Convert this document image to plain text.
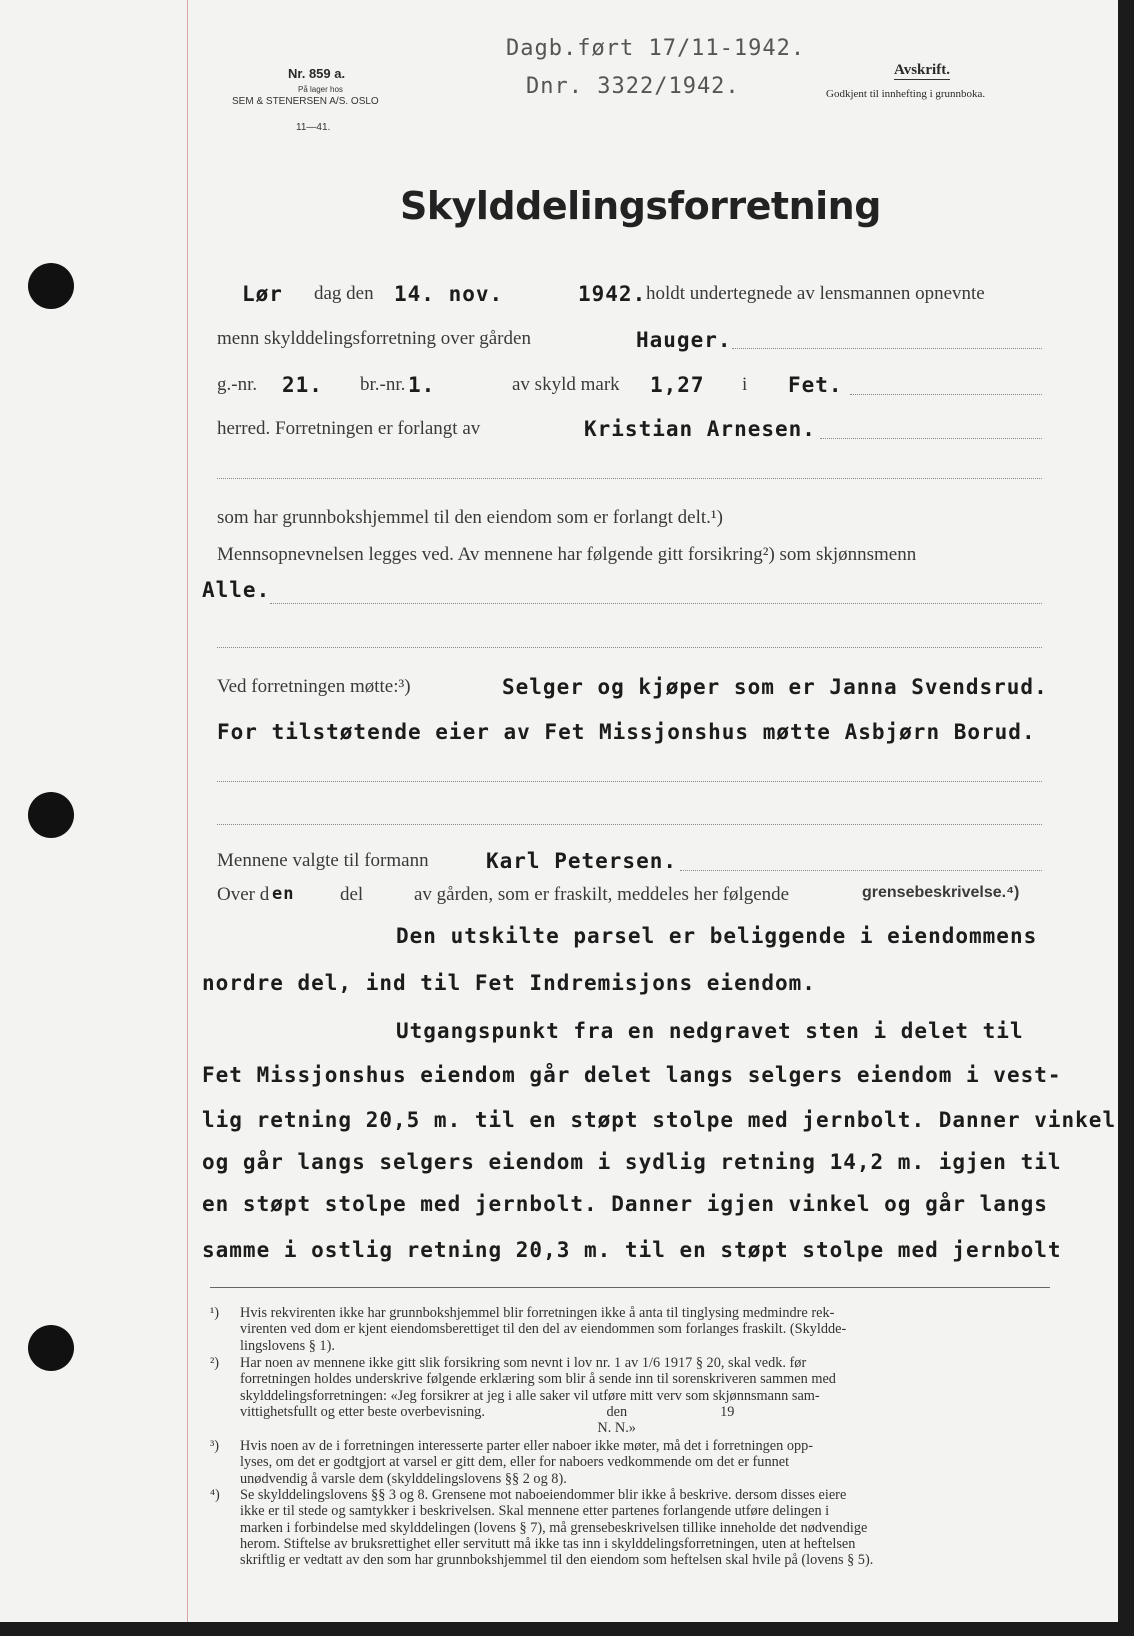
Nr. 859 a.
På lager hos
SEM & STENERSEN A/S. OSLO
11—41.
Dagb.ført 17/11-1942.
Dnr. 3322/1942.
Avskrift.
Godkjent til innhefting i grunnboka.
Skylddelingsforretning
Lør dag den 14. nov.	1942. holdt undertegnede av lensmannen opnevnte
menn skylddelingsforretning over gården	Hauger.
g.-nr. 21. br.-nr. 1.	av skyld mark 1,27 i Fet.
herred. Forretningen er forlangt av	Kristian Arnesen.
som har grunnbokshjemmel til den eiendom som er forlangt delt.¹)
Mennsopnevnelsen legges ved. Av mennene har følgende gitt forsikring²) som skjønnsmenn
Alle.
Ved forretningen møtte:³)	Selger og kjøper som er Janna Svendsrud.
For tilstøtende eier av Fet Missjonshus møtte Asbjørn Borud.
Mennene valgte til formann	Karl Petersen.
Over d en del	av gården, som er fraskilt, meddeles her følgende	grensebeskrivelse.⁴)
Den utskilte parsel er beliggende i eiendommens
nordre del, ind til Fet Indremisjons eiendom.
Utgangspunkt fra en nedgravet sten i delet til
Fet Missjonshus eiendom går delet langs selgers eiendom i vest-
lig retning 20,5 m. til en støpt stolpe med jernbolt. Danner vinkel
og går langs selgers eiendom i sydlig retning 14,2 m. igjen til
en støpt stolpe med jernbolt. Danner igjen vinkel og går langs
samme i ostlig retning 20,3 m. til en støpt stolpe med jernbolt
¹) Hvis rekvirenten ikke har grunnbokshjemmel blir forretningen ikke å anta til tinglysing medmindre rek-
virenten ved dom er kjent eiendomsberettiget til den del av eiendommen som forlanges fraskilt. (Skyldde-
lingslovens § 1).
²) Har noen av mennene ikke gitt slik forsikring som nevnt i lov nr. 1 av 1/6 1917 § 20, skal vedk. før
forretningen holdes underskrive følgende erklæring som blir å sende inn til sorenskriveren sammen med
skylddelingsforretningen: «Jeg forsikrer at jeg i alle saker vil utføre mitt verv som skjønnsmann sam-
vittighetsfullt og etter beste overbevisning.                                  den                          19
N. N.»
³) Hvis noen av de i forretningen interesserte parter eller naboer ikke møter, må det i forretningen opp-
lyses, om det er godtgjort at varsel er gitt dem, eller for naboers vedkommende om det er funnet
unødvendig å varsle dem (skylddelingslovens §§ 2 og 8).
⁴) Se skylddelingslovens §§ 3 og 8. Grensene mot naboeiendommer blir ikke å beskrive. dersom disses eiere
ikke er til stede og samtykker i beskrivelsen. Skal mennene etter partenes forlangende utføre delingen i
marken i forbindelse med skylddelingen (lovens § 7), må grensebeskrivelsen tillike inneholde det nødvendige
herom. Stiftelse av bruksrettighet eller servitutt må ikke tas inn i skylddelingsforretningen, uten at heftelsen
skriftlig er vedtatt av den som har grunnbokshjemmel til den eiendom som heftelsen skal hvile på (lovens § 5).
